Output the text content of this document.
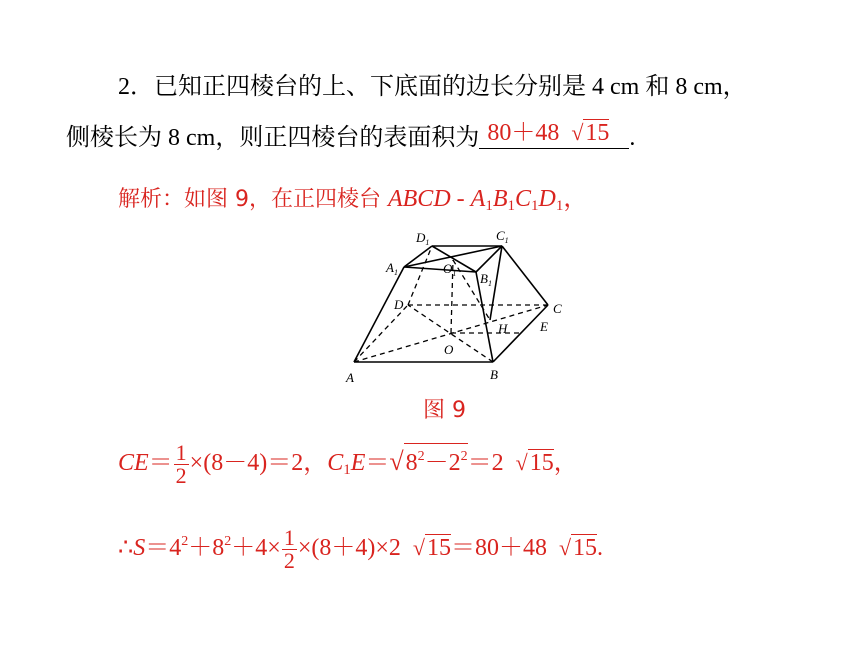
2．已知正四棱台的上、下底面的边长分别是 4 cm 和 8 cm，
侧棱长为 8 cm，则正四棱台的表面积为 80＋48 √15 .
解析：如图 9，在正四棱台 ABCD - $A_1B_1C_1D_1$，
$D_1$	$C_1$
$A_1$	$O_1$ $B_1$
D	C
E
H
O
A	B
图 9
$CE= \frac{1}{2} \times(8-4)=2$，$C_1E=√8^2-2^2=2$  √15，
$\therefore S=4^2+8^2+4\times \frac{1}{2} \times(8+4)\times 2$  √15＝80＋48  √15.
